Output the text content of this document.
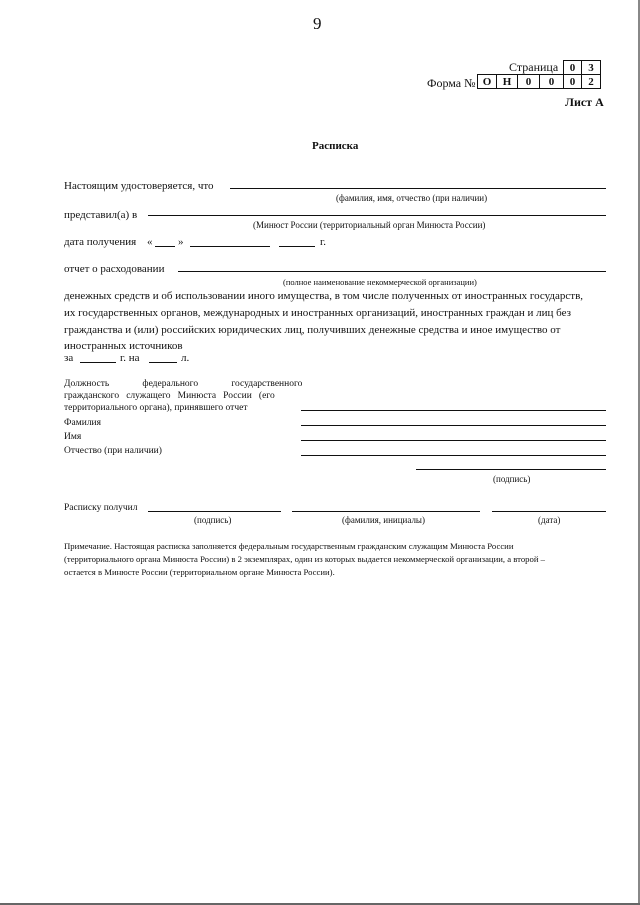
9
Страница	0	3
Форма № О	Н	0	0	0	2
Лист А
Расписка
Настоящим удостоверяется, что
(фамилия, имя, отчество (при наличии)
представил(а) в
(Минюст России (территориальный орган Минюста России)
дата получения « »	г.
отчет о расходовании
(полное наименование некоммерческой организации)
денежных средств и об использовании иного имущества, в том числе полученных от иностранных государств,
их государственных органов, международных и иностранных организаций, иностранных граждан и лиц без
гражданства и (или) российских юридических лиц, получивших денежные средства и иное имущество от
иностранных источников
за	г. на	л.
Должность              федерального              государственного
гражданского   служащего   Минюста   России   (его
территориального органа), принявшего отчет
Фамилия
Имя
Отчество (при наличии)
(подпись)
Расписку получил
(подпись)	(фамилия, инициалы)	(дата)
Примечание. Настоящая расписка заполняется федеральным государственным гражданским служащим Минюста России
(территориального органа Минюста России) в 2 экземплярах, один из которых выдается некоммерческой организации, а второй –
остается в Минюсте России (территориальном органе Минюста России).
